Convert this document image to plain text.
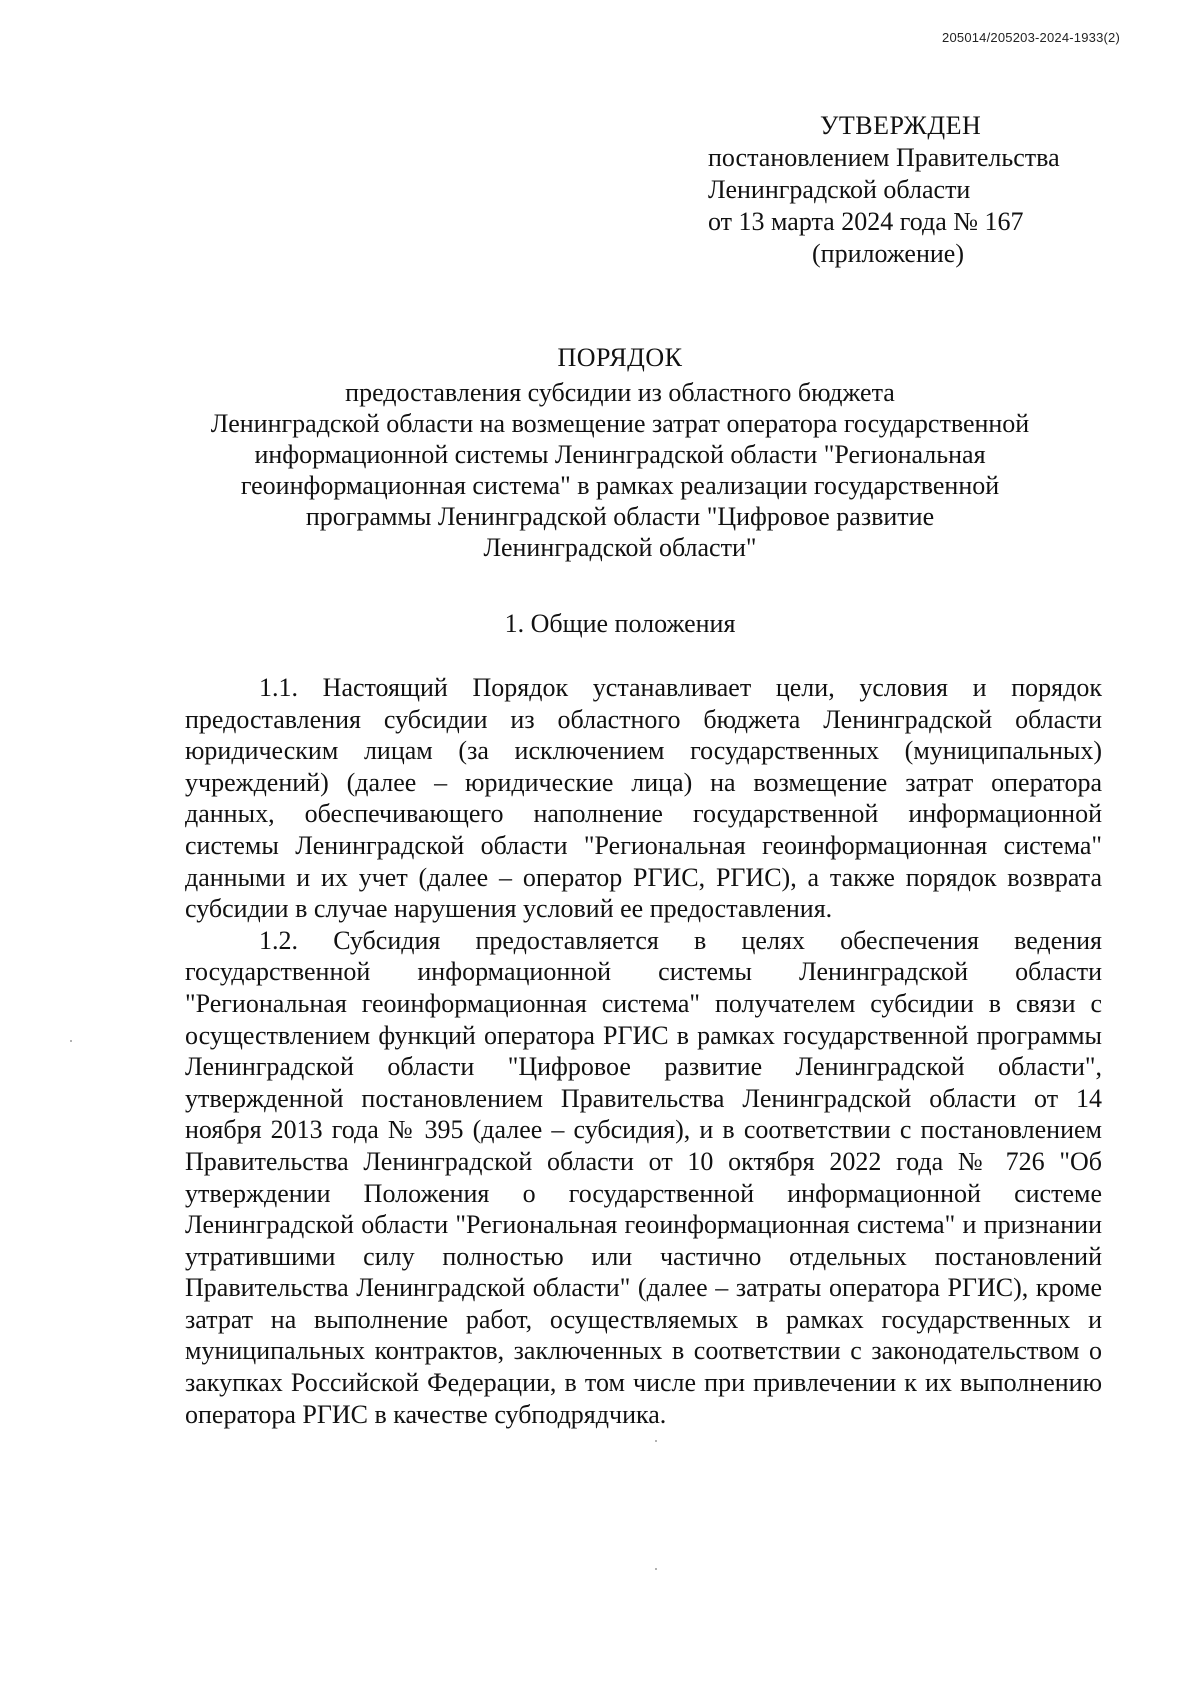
205014/205203-2024-1933(2)
УТВЕРЖДЕН
постановлением Правительства
Ленинградской области
от 13 марта 2024 года № 167
(приложение)
ПОРЯДОК
предоставления субсидии из областного бюджета
Ленинградской области на возмещение затрат оператора государственной
информационной системы Ленинградской области "Региональная
геоинформационная система" в рамках реализации государственной
программы Ленинградской области "Цифровое развитие
Ленинградской области"
1. Общие положения

1.1. Настоящий Порядок устанавливает цели, условия и порядок предоставления субсидии из областного бюджета Ленинградской области юридическим лицам (за исключением государственных (муниципальных) учреждений) (далее – юридические лица) на возмещение затрат оператора данных, обеспечивающего наполнение государственной информационной системы Ленинградской области "Региональная геоинформационная система" данными и их учет (далее – оператор РГИС, РГИС), а также порядок возврата субсидии в случае нарушения условий ее предоставления.

1.2. Субсидия предоставляется в целях обеспечения ведения государственной информационной системы Ленинградской области "Региональная геоинформационная система" получателем субсидии в связи с осуществлением функций оператора РГИС в рамках государственной программы Ленинградской области "Цифровое развитие Ленинградской области", утвержденной постановлением Правительства Ленинградской области от 14 ноября 2013 года № 395 (далее – субсидия), и в соответствии с постановлением Правительства Ленинградской области от 10 октября 2022 года № 726 "Об утверждении Положения о государственной информационной системе Ленинградской области "Региональная геоинформационная система" и признании утратившими силу полностью или частично отдельных постановлений Правительства Ленинградской области" (далее – затраты оператора РГИС), кроме затрат на выполнение работ, осуществляемых в рамках государственных и муниципальных контрактов, заключенных в соответствии с законодательством о закупках Российской Федерации, в том числе при привлечении к их выполнению оператора РГИС в качестве субподрядчика.
